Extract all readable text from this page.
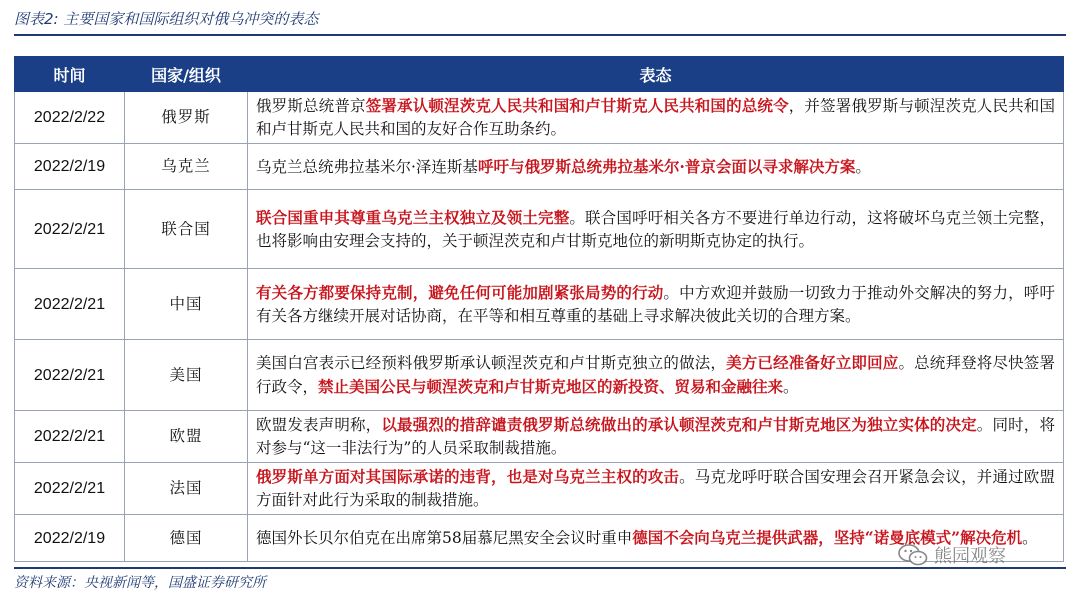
图表2: 主要国家和国际组织对俄乌冲突的表态
时间	国家/组织	表态
2022/2/22	俄罗斯	俄罗斯总统普京签署承认顿涅茨克人民共和国和卢甘斯克人民共和国的总统令，并签署俄罗斯与顿涅茨克人民共和国和卢甘斯克人民共和国的友好合作互助条约。
2022/2/19	乌克兰	乌克兰总统弗拉基米尔·泽连斯基呼吁与俄罗斯总统弗拉基米尔·普京会面以寻求解决方案。
2022/2/21	联合国	联合国重申其尊重乌克兰主权独立及领土完整。联合国呼吁相关各方不要进行单边行动，这将破坏乌克兰领土完整，也将影响由安理会支持的，关于顿涅茨克和卢甘斯克地位的新明斯克协定的执行。
2022/2/21	中国	有关各方都要保持克制，避免任何可能加剧紧张局势的行动。中方欢迎并鼓励一切致力于推动外交解决的努力，呼吁有关各方继续开展对话协商，在平等和相互尊重的基础上寻求解决彼此关切的合理方案。
2022/2/21	美国	美国白宫表示已经预料俄罗斯承认顿涅茨克和卢甘斯克独立的做法，美方已经准备好立即回应。总统拜登将尽快签署行政令，禁止美国公民与顿涅茨克和卢甘斯克地区的新投资、贸易和金融往来。
2022/2/21	欧盟	欧盟发表声明称，以最强烈的措辞谴责俄罗斯总统做出的承认顿涅茨克和卢甘斯克地区为独立实体的决定。同时，将对参与“这一非法行为”的人员采取制裁措施。
2022/2/21	法国	俄罗斯单方面对其国际承诺的违背，也是对乌克兰主权的攻击。马克龙呼吁联合国安理会召开紧急会议，并通过欧盟方面针对此行为采取的制裁措施。
2022/2/19	德国	德国外长贝尔伯克在出席第58届慕尼黑安全会议时重申德国不会向乌克兰提供武器，坚持“诺曼底模式”解决危机。
熊园观察
资料来源：央视新闻等，国盛证券研究所
